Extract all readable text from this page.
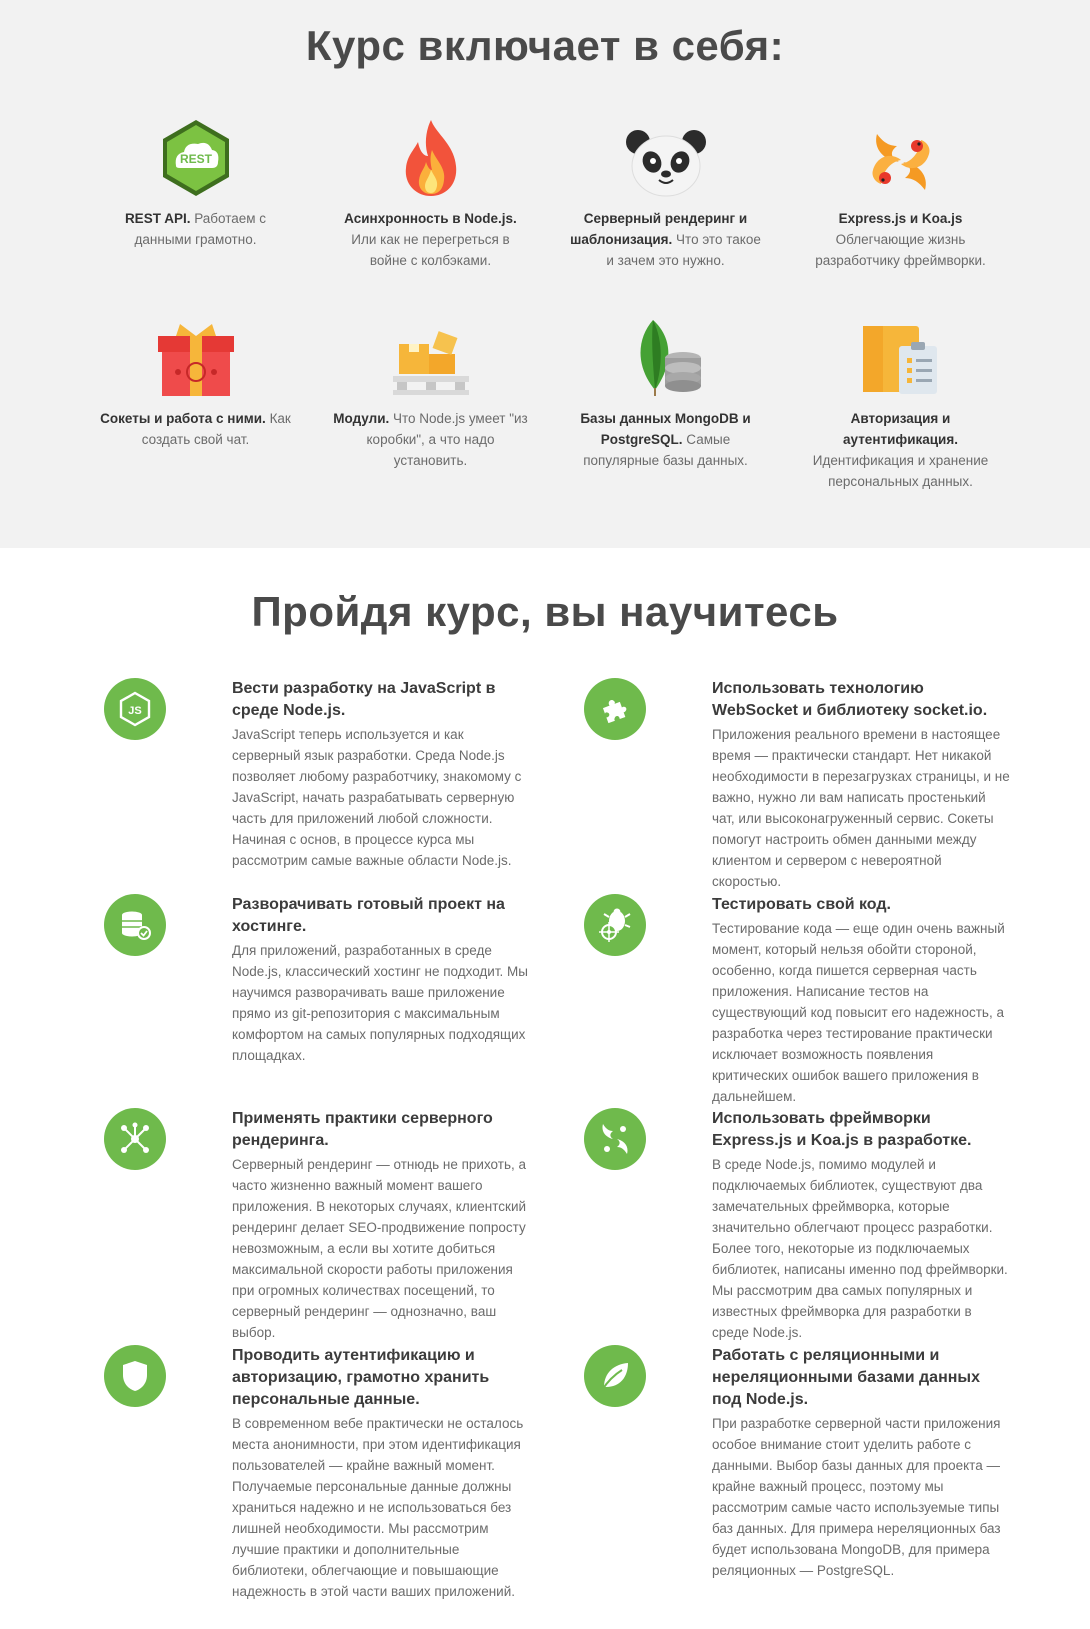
Курс включает в себя:
REST
REST API. Работаем с данными грамотно.
Асинхронность в Node.js. Или как не перегреться в войне с колбэками.
Серверный рендеринг и шаблонизация. Что это такое и зачем это нужно.
Express.js и Koa.js
Облегчающие жизнь разработчику фреймворки.
Сокеты и работа с ними. Как создать свой чат.
Модули. Что Node.js умеет "из коробки", а что надо установить.
Базы данных MongoDB и PostgreSQL. Самые популярные базы данных.
Авторизация и аутентификация. Идентификация и хранение персональных данных.
Пройдя курс, вы научитесь
JS
Вести разработку на JavaScript в среде Node.js.

JavaScript теперь используется и как серверный язык разработки. Среда Node.js позволяет любому разработчику, знакомому с JavaScript, начать разрабатывать серверную часть для приложений любой сложности. Начиная с основ, в процессе курса мы рассмотрим самые важные области Node.js.

Использовать технологию WebSocket и библиотеку socket.io.

Приложения реального времени в настоящее время — практически стандарт. Нет никакой необходимости в перезагрузках страницы, и не важно, нужно ли вам написать простенький чат, или высоконагруженный сервис. Сокеты помогут настроить обмен данными между клиентом и сервером с невероятной скоростью.

Разворачивать готовый проект на хостинге.

Для приложений, разработанных в среде Node.js, классический хостинг не подходит. Мы научимся разворачивать ваше приложение прямо из git-репозитория с максимальным комфортом на самых популярных подходящих площадках.

Тестировать свой код.

Тестирование кода — еще один очень важный момент, который нельзя обойти стороной, особенно, когда пишется серверная часть приложения. Написание тестов на существующий код повысит его надежность, а разработка через тестирование практически исключает возможность появления критических ошибок вашего приложения в дальнейшем.

Применять практики серверного рендеринга.

Серверный рендеринг — отнюдь не прихоть, а часто жизненно важный момент вашего приложения. В некоторых случаях, клиентский рендеринг делает SEO-продвижение попросту невозможным, а если вы хотите добиться максимальной скорости работы приложения при огромных количествах посещений, то серверный рендеринг — однозначно, ваш выбор.

Использовать фреймворки Express.js и Koa.js в разработке.

В среде Node.js, помимо модулей и подключаемых библиотек, существуют два замечательных фреймворка, которые значительно облегчают процесс разработки. Более того, некоторые из подключаемых библиотек, написаны именно под фреймворки. Мы рассмотрим два самых популярных и известных фреймворка для разработки в среде Node.js.

Проводить аутентификацию и авторизацию, грамотно хранить персональные данные.

В современном вебе практически не осталось места анонимности, при этом идентификация пользователей — крайне важный момент. Получаемые персональные данные должны храниться надежно и не использоваться без лишней необходимости. Мы рассмотрим лучшие практики и дополнительные библиотеки, облегчающие и повышающие надежность в этой части ваших приложений.

Работать с реляционными и нереляционными базами данных под Node.js.

При разработке серверной части приложения особое внимание стоит уделить работе с данными. Выбор базы данных для проекта — крайне важный процесс, поэтому мы рассмотрим самые часто используемые типы баз данных. Для примера нереляционных баз будет использована MongoDB, для примера реляционных — PostgreSQL.
